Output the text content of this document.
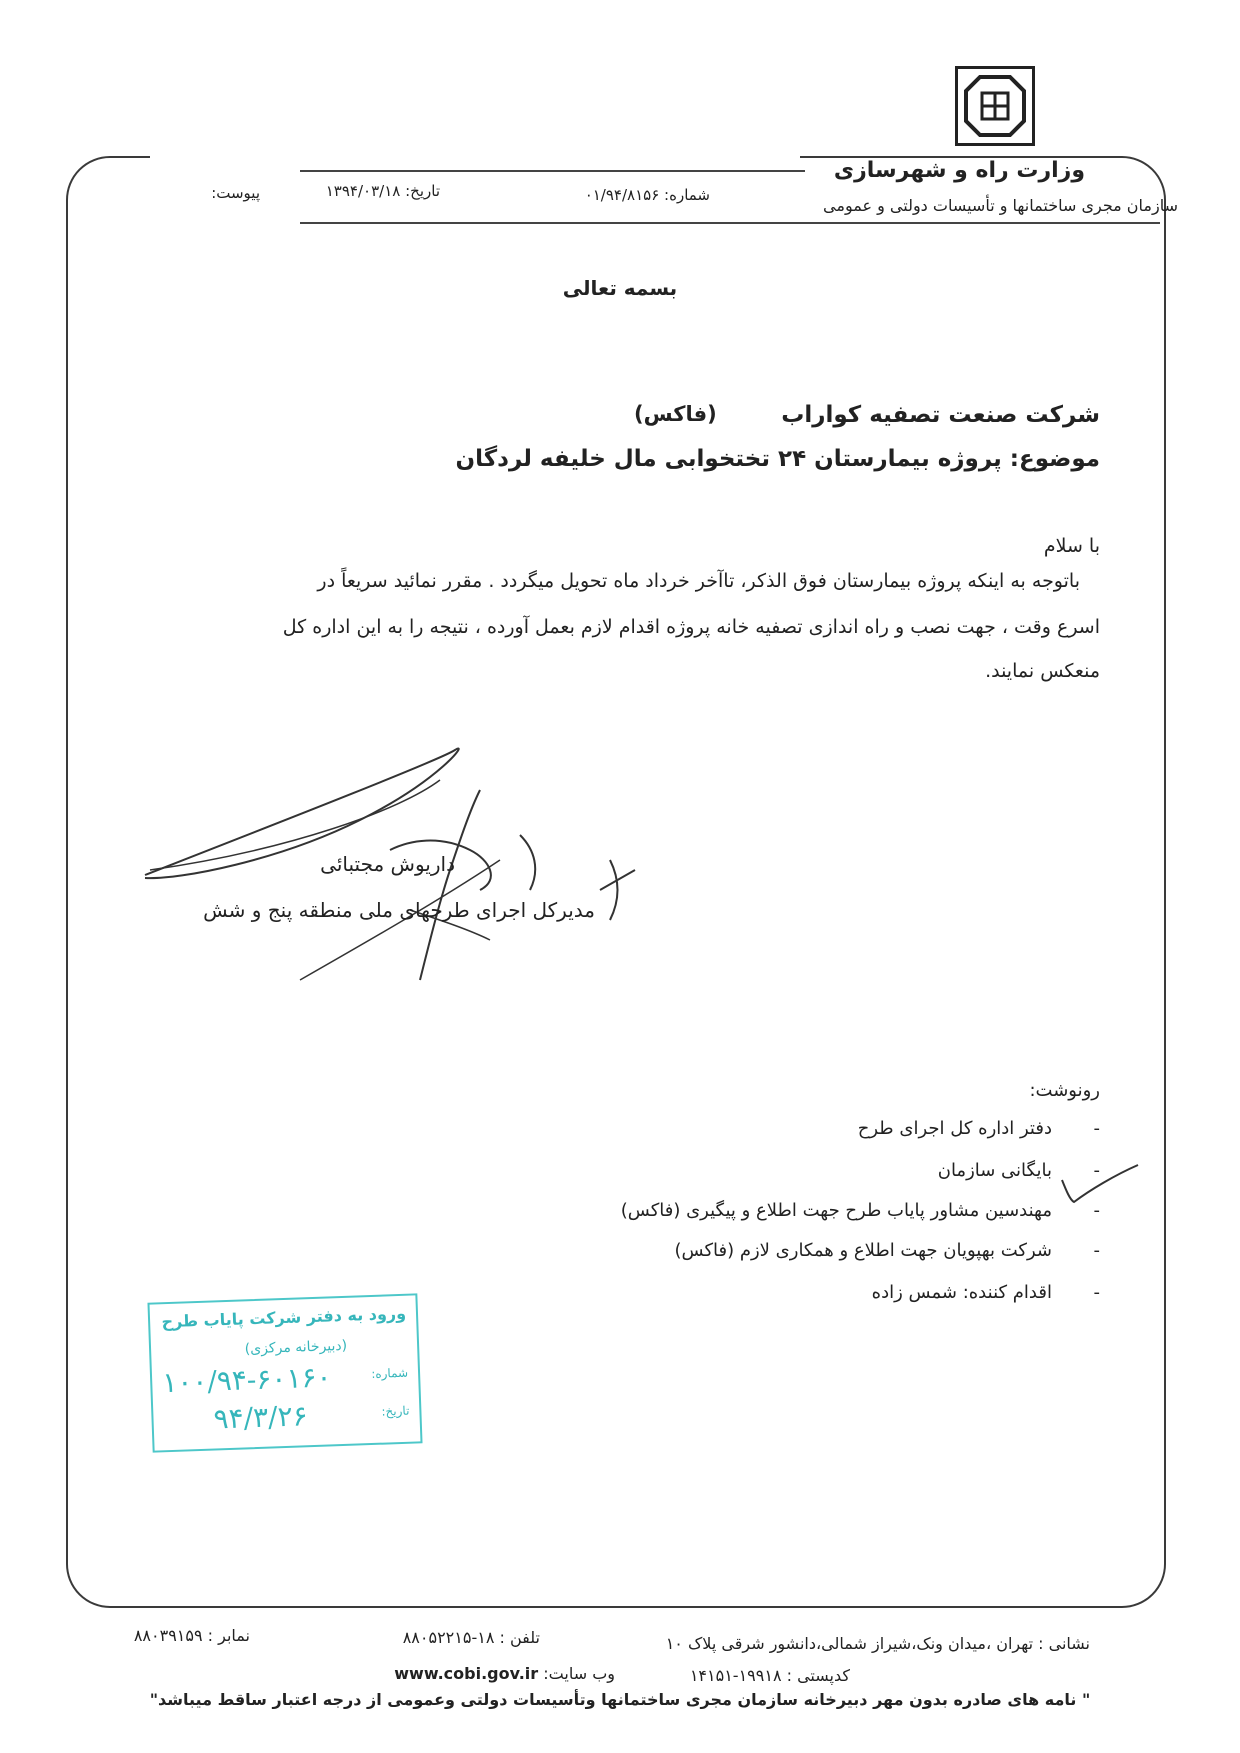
وزارت راه و شهرسازی
سازمان مجری ساختمانها و تأسیسات دولتی و عمومی
شماره: ۰۱/۹۴/۸۱۵۶
تاریخ: ۱۳۹۴/۰۳/۱۸
پیوست:
بسمه تعالی
شرکت صنعت تصفیه کواراب
(فاکس)
موضوع: پروژه بیمارستان ۲۴ تختخوابی مال خلیفه لردگان
با سلام
باتوجه به اینکه پروژه بیمارستان فوق الذکر، تاآخر خرداد ماه تحویل میگردد . مقرر نمائید سریعاً در
اسرع وقت ، جهت نصب و راه اندازی تصفیه خانه پروژه اقدام لازم بعمل آورده ، نتیجه را به این اداره کل
منعکس نمایند.
داریوش مجتبائی
مدیرکل اجرای طرحهای ملی منطقه پنج و شش
رونوشت:
-
دفتر اداره کل اجرای طرح
-
بایگانی سازمان
-
مهندسین مشاور پایاب طرح جهت اطلاع و پیگیری (فاکس)
-
شرکت بهپویان جهت اطلاع و همکاری لازم (فاکس)
-
اقدام کننده: شمس زاده
ورود به دفتر شرکت پایاب طرح
(دبیرخانه مرکزی)
شماره:
۱۰۰/۹۴-۶۰۱۶۰
تاریخ:
۹۴/۳/۲۶
نشانی : تهران ،میدان ونک،شیراز شمالی،دانشور شرقی پلاک ۱۰
تلفن : ۱۸-۸۸۰۵۲۲۱۵
نمابر : ۸۸۰۳۹۱۵۹
کدپستی : ۱۹۹۱۸-۱۴۱۵۱
وب سایت: www.cobi.gov.ir
" نامه های صادره بدون مهر دبیرخانه سازمان مجری ساختمانها وتأسیسات دولتی وعمومی از درجه اعتبار ساقط میباشد"
